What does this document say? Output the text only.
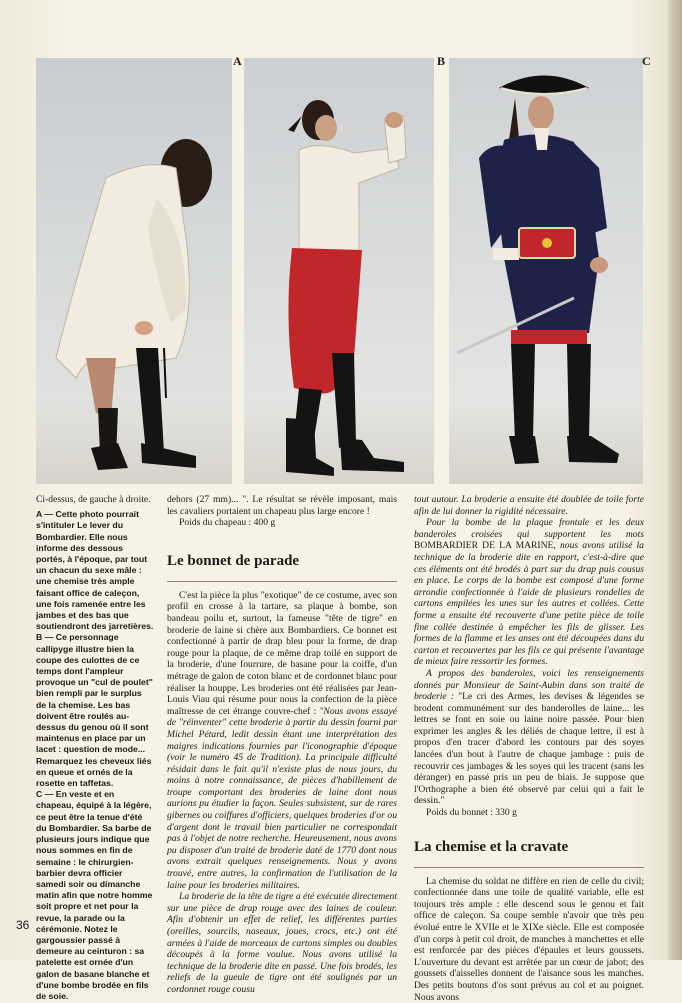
A	B	C

Ci-dessus, de gauche à droite.

A — Cette photo pourrait s'intituler Le lever du Bombardier. Elle nous informe des dessous portés, à l'époque, par tout un chacun du sexe mâle : une chemise très ample faisant office de caleçon, une fois ramenée entre les jambes et des bas que soutiendront des jarretières.

B — Ce personnage callipyge illustre bien la coupe des culottes de ce temps dont l'ampleur provoque un "cul de poulet" bien rempli par le surplus de la chemise. Les bas doivent être roulés au-dessus du genou où il sont maintenus en place par un lacet : question de mode... Remarquez les cheveux liés en queue et ornés de la rosette en taffetas.

C — En veste et en chapeau, équipé à la légère, ce peut être la tenue d'été du Bombardier. Sa barbe de plusieurs jours indique que nous sommes en fin de semaine : le chirurgien-barbier devra officier samedi soir ou dimanche matin afin que notre homme soit propre et net pour la revue, la parade ou la cérémonie. Notez le gargoussier passé à demeure au ceinturon : sa patelette est ornée d'un galon de basane blanche et d'une bombe brodée en fils de soie.

dehors (27 mm)... ". Le résultat se révèle imposant, mais les cavaliers portaient un chapeau plus large encore !

Poids du chapeau : 400 g

Le bonnet de parade

C'est la pièce la plus "exotique" de ce costume, avec son profil en crosse à la tartare, sa plaque à bombe, son bandeau poilu et, surtout, la fameuse "tête de tigre" en broderie de laine si chère aux Bombardiers. Ce bonnet est confectionné à partir de drap bleu pour la forme, de drap rouge pour la plaque, de ce même drap toilé en support de la broderie, d'une fourrure, de basane pour la coiffe, d'un métrage de galon de coton blanc et de cordonnet blanc pour réaliser la houppe. Les broderies ont été réalisées par Jean-Louis Viau qui résume pour nous la confection de la pièce maîtresse de cet étrange couvre-chef : "Nous avons essayé de "réinventer" cette broderie à partir du dessin fourni par Michel Pétard, ledit dessin étant une interprétation des maigres indications fournies par l'iconographie d'époque (voir le numéro 45 de Tradition). La principale difficulté résidait dans le fait qu'il n'existe plus de nous jours, du moins à notre connaissance, de pièces d'habillement de troupe comportant des broderies de laine dont nous aurions pu étudier la façon. Seules subsistent, sur de rares gibernes ou coiffures d'officiers, quelques broderies d'or ou d'argent dont le travail bien particulier ne correspondait pas à l'objet de notre recherche. Heureusement, nous avons pu disposer d'un traité de broderie daté de 1770 dont nous avons extrait quelques renseignements. Nous y avons trouvé, entre autres, la confirmation de l'utilisation de la laine pour les broderies militaires.

La broderie de la tête de tigre a été exécutée directement sur une pièce de drap rouge avec des laines de couleur. Afin d'obtenir un effet de relief, les différentes parties (oreilles, sourcils, naseaux, joues, crocs, etc.) ont été armées à l'aide de morceaux de cartons simples ou doubles découpés à la forme voulue. Nous avons utilisé la technique de la broderie dite en passé. Une fois brodés, les reliefs de la gueule de tigre ont été soulignés par un cordonnet rouge cousu

tout autour. La broderie a ensuite été doublée de toile forte afin de lui donner la rigidité nécessaire.

Pour la bombe de la plaque frontale et les deux banderoles croisées qui supportent les mots BOMBARDIER DE LA MARINE, nous avons utilisé la technique de la broderie dite en rapport, c'est-à-dire que ces éléments ont été brodés à part sur du drap puis cousus en place. Le corps de la bombe est composé d'une forme arrondie confectionnée à l'aide de plusieurs rondelles de cartons empilées les unes sur les autres et collées. Cette forme a ensuite été recouverte d'une petite pièce de toile fine collée destinée à empêcher les fils de glisser. Les formes de la flamme et les anses ont été découpées dans du carton et recouvertes par les fils ce qui présente l'avantage de mieux faire ressortir les formes.

A propos des banderoles, voici les renseignements donnés par Monsieur de Saint-Aubin dans son traité de broderie : "Le cri des Armes, les devises & légendes se brodent communément sur des banderolles de laine... les lettres se font en soie ou laine noire passée. Pour bien exprimer les angles & les déliés de chaque lettre, il est à propos d'en tracer d'abord les contours par des soyes lancées d'un bout à l'autre de chaque jambage : puis de recouvrir ces jambages & les soyes qui les tracent (sans les déranger) en passé pris un peu de biais. Je suppose que l'Orthographe a bien été observé par celui qui a fait le dessin."

Poids du bonnet : 330 g

La chemise et la cravate

La chemise du soldat ne diffère en rien de celle du civil; confectionnée dans une toile de qualité variable, elle est toujours très ample : elle descend sous le genou et fait office de caleçon. Sa coupe semble n'avoir que très peu évolué entre le XVIIe et le XIXe siècle. Elle est composée d'un corps à petit col droit, de manches à manchettes et elle est renforcée par des pièces d'épaules et leurs goussets. L'ouverture du devant est arrêtée par un cœur de jabot; des goussets d'aisselles donnent de l'aisance sous les manches. Des petits boutons d'os sont prévus au col et au poignet. Nous avons

36
